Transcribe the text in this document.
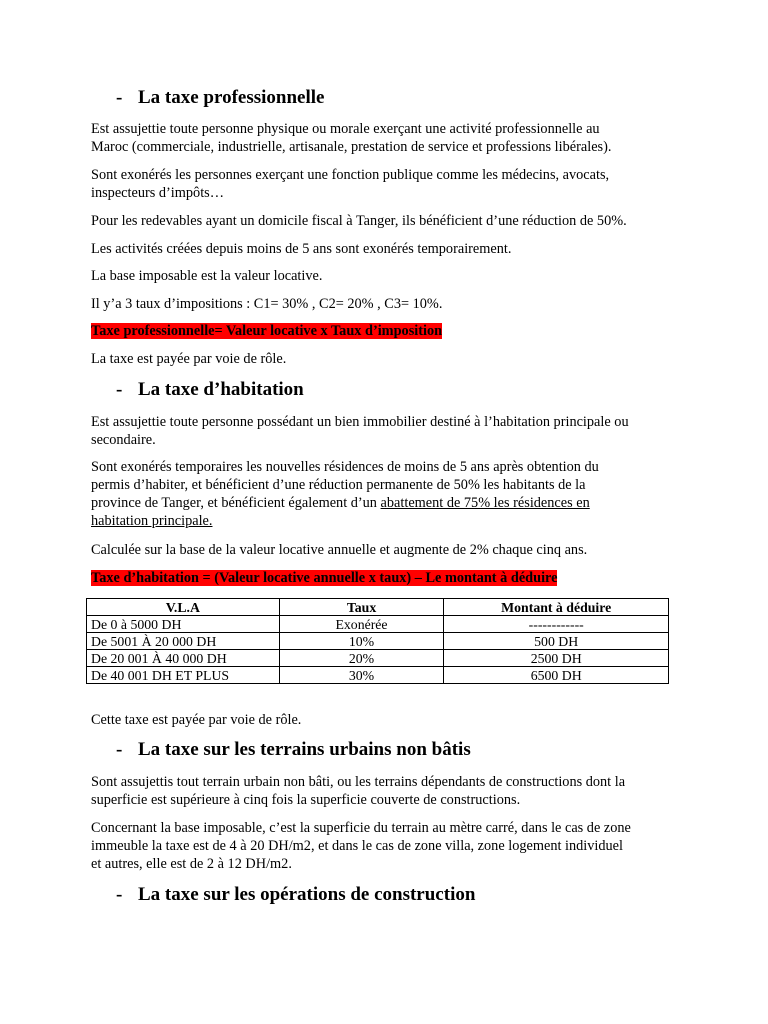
- La taxe professionnelle

Est assujettie toute personne physique ou morale exerçant une activité professionnelle au
Maroc (commerciale, industrielle, artisanale, prestation de service et professions libérales).

Sont exonérés les personnes exerçant une fonction publique comme les médecins, avocats,
inspecteurs d’impôts…

Pour les redevables ayant un domicile fiscal à Tanger, ils bénéficient d’une réduction de 50%.

Les activités créées depuis moins de 5 ans sont exonérés temporairement.

La base imposable est la valeur locative.

Il y’a 3 taux d’impositions : C1= 30% , C2= 20% , C3= 10%.

Taxe professionnelle= Valeur locative x Taux d’imposition

La taxe est payée par voie de rôle.

- La taxe d’habitation

Est assujettie toute personne possédant un bien immobilier destiné à l’habitation principale ou
secondaire.

Sont exonérés temporaires les nouvelles résidences de moins de 5 ans après obtention du
permis d’habiter, et bénéficient d’une réduction permanente de 50% les habitants de la
province de Tanger, et bénéficient également d’un abattement de 75% les résidences en
habitation principale.

Calculée sur la base de la valeur locative annuelle et augmente de 2% chaque cinq ans.

Taxe d’habitation = (Valeur locative annuelle x taux) – Le montant à déduire

V.L.A	Taux	Montant à déduire
De 0 à 5000 DH	Exonérée	------------
De 5001 À 20 000 DH	10%	500 DH
De 20 001 À 40 000 DH	20%	2500 DH
De 40 001 DH ET PLUS	30%	6500 DH

Cette taxe est payée par voie de rôle.

- La taxe sur les terrains urbains non bâtis

Sont assujettis tout terrain urbain non bâti, ou les terrains dépendants de constructions dont la
superficie est supérieure à cinq fois la superficie couverte de constructions.

Concernant la base imposable, c’est la superficie du terrain au mètre carré, dans le cas de zone
immeuble la taxe est de 4 à 20 DH/m2, et dans le cas de zone villa, zone logement individuel
et autres, elle est de 2 à 12 DH/m2.

- La taxe sur les opérations de construction
